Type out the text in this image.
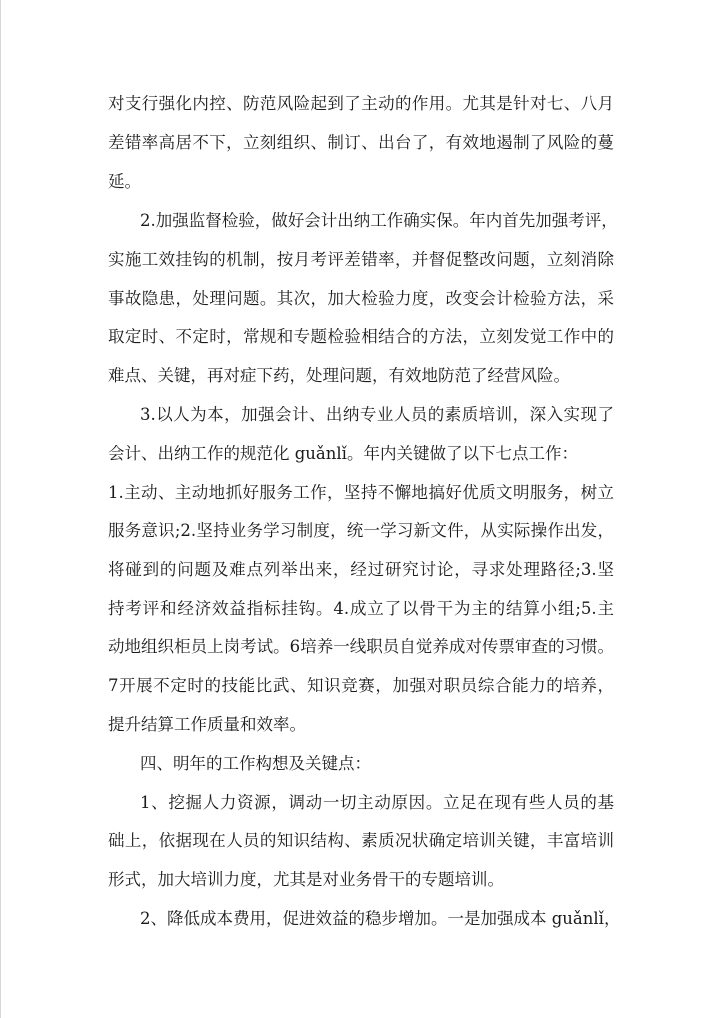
对支行强化内控、防范风险起到了主动的作用。尤其是针对七、八月
差错率高居不下，立刻组织、制订、出台了，有效地遏制了风险的蔓
延。
2.加强监督检验，做好会计出纳工作确实保。年内首先加强考评，
实施工效挂钩的机制，按月考评差错率，并督促整改问题，立刻消除
事故隐患，处理问题。其次，加大检验力度，改变会计检验方法，采
取定时、不定时，常规和专题检验相结合的方法，立刻发觉工作中的
难点、关键，再对症下药，处理问题，有效地防范了经营风险。
3.以人为本，加强会计、出纳专业人员的素质培训，深入实现了
会计、出纳工作的规范化 guǎnlǐ。年内关键做了以下七点工作：
1.主动、主动地抓好服务工作，坚持不懈地搞好优质文明服务，树立
服务意识;2.坚持业务学习制度，统一学习新文件，从实际操作出发，
将碰到的问题及难点列举出来，经过研究讨论，寻求处理路径;3.坚
持考评和经济效益指标挂钩。4.成立了以骨干为主的结算小组;5.主
动地组织柜员上岗考试。6培养一线职员自觉养成对传票审查的习惯。
7开展不定时的技能比武、知识竞赛，加强对职员综合能力的培养，
提升结算工作质量和效率。
四、明年的工作构想及关键点：
1、挖掘人力资源，调动一切主动原因。立足在现有些人员的基
础上，依据现在人员的知识结构、素质况状确定培训关键，丰富培训
形式，加大培训力度，尤其是对业务骨干的专题培训。
2、降低成本费用，促进效益的稳步增加。一是加强成本 guǎnlǐ，
